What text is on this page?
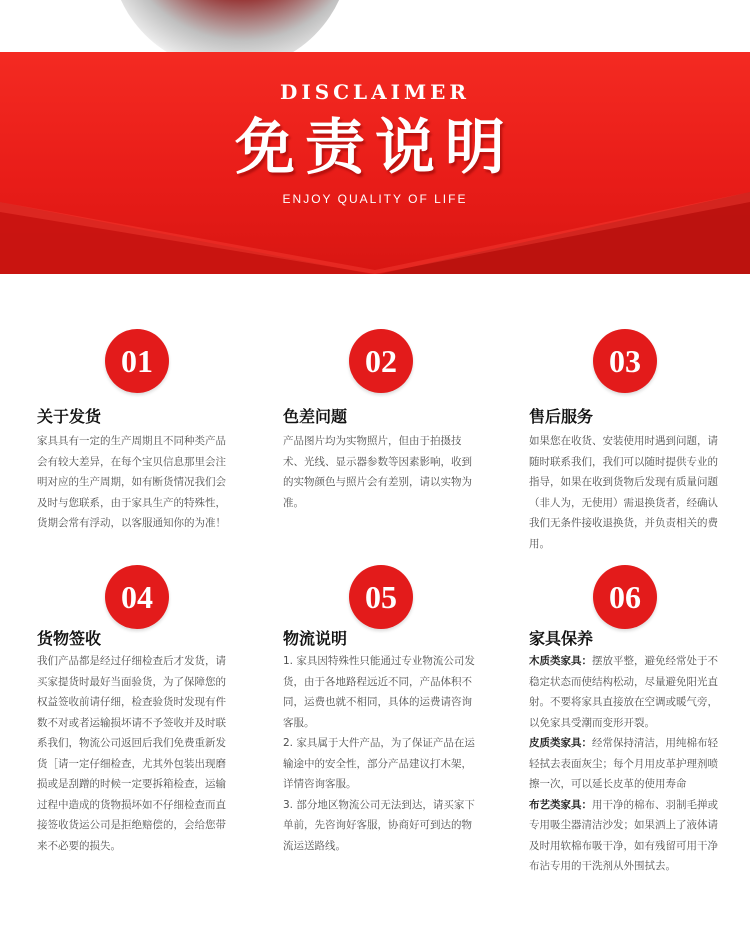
DISCLAIMER
免责说明
ENJOY QUALITY OF LIFE
01
关于发货
家具具有一定的生产周期且不同种类产品会有较大差异，在每个宝贝信息那里会注明对应的生产周期，如有断货情况我们会及时与您联系，由于家具生产的特殊性，货期会常有浮动，以客服通知你的为准！
02
色差问题
产品图片均为实物照片，但由于拍摄技术、光线、显示器参数等因素影响，收到的实物颜色与照片会有差别，请以实物为准。
03
售后服务
如果您在收货、安装使用时遇到问题，请随时联系我们，我们可以随时提供专业的指导，如果在收到货物后发现有质量问题（非人为，无使用）需退换货者，经确认我们无条件接收退换货，并负责相关的费用。
04
货物签收
我们产品都是经过仔细检查后才发货，请买家提货时最好当面验货，为了保障您的权益签收前请仔细，检查验货时发现有件数不对或者运输损坏请不予签收并及时联系我们，物流公司返回后我们免费重新发货［请一定仔细检查，尤其外包装出现磨损或是刮蹭的时候一定要拆箱检查，运输过程中造成的货物损坏如不仔细检查而直接签收货运公司是拒绝赔偿的，会给您带来不必要的损失。
05
物流说明

1. 家具因特殊性只能通过专业物流公司发货，由于各地路程远近不同，产品体积不同，运费也就不相同，具体的运费请咨询客服。

2. 家具属于大件产品，为了保证产品在运输途中的安全性，部分产品建议打木架，详情咨询客服。

3. 部分地区物流公司无法到达，请买家下单前，先咨询好客服，协商好可到达的物流运送路线。

06
家具保养

木质类家具：摆放平整，避免经常处于不稳定状态而使结构松动，尽量避免阳光直射。不要将家具直接放在空调或暖气旁，以免家具受潮而变形开裂。

皮质类家具：经常保持清洁，用纯棉布轻轻拭去表面灰尘；每个月用皮革护理剂喷擦一次，可以延长皮革的使用寿命

布艺类家具：用干净的棉布、羽制毛掸或专用吸尘器清洁沙发；如果洒上了液体请及时用软棉布吸干净，如有残留可用干净布沾专用的干洗剂从外围拭去。
